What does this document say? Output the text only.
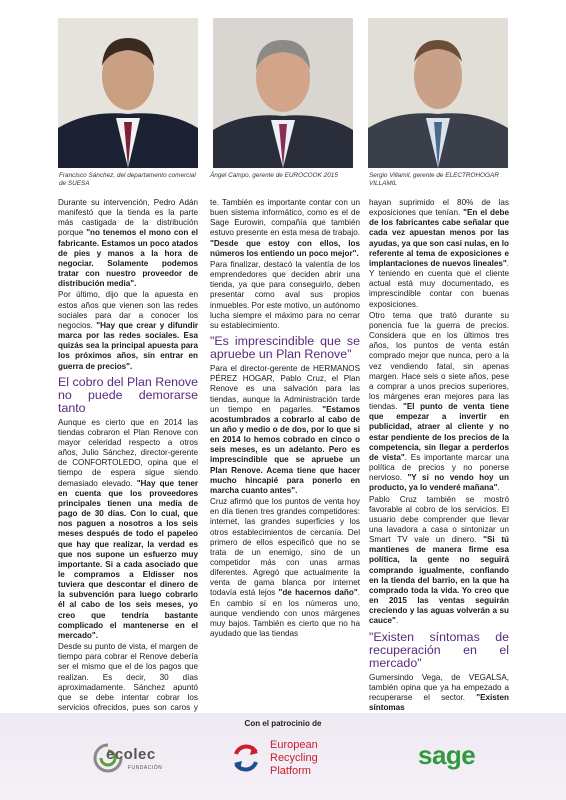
Francisco Sánchez, del departamento comercial de SUESA
Ángel Campo, gerente de EUROCOOK 2015	Sergio Villamil, gerente de ELECTROHOGAR VILLAMIL

Durante su intervención, Pedro Adán manifestó que la tienda es la parte más castigada de la distribución porque "no tenemos el mono con el fabricante. Estamos un poco atados de pies y manos a la hora de negociar. Solamente podemos tratar con nuestro proveedor de distribución media".

Por último, dijo que la apuesta en estos años que vienen son las redes sociales para dar a conocer los negocios. "Hay que crear y difundir marca por las redes sociales. Esa quizás sea la principal apuesta para los próximos años, sin entrar en guerra de precios".

El cobro del Plan Renove no puede demorarse tanto

Aunque es cierto que en 2014 las tiendas cobraron el Plan Renove con mayor celeridad respecto a otros años, Julio Sánchez, director-gerente de CONFORTOLEDO, opina que el tiempo de espera sigue siendo demasiado elevado. "Hay que tener en cuenta que los proveedores principales tienen una media de pago de 30 días. Con lo cual, que nos paguen a nosotros a los seis meses después de todo el papeleo que hay que realizar, la verdad es que nos supone un esfuerzo muy importante. Si a cada asociado que le compramos a Eldisser nos tuviera que descontar el dinero de la subvención para luego cobrarlo él al cabo de los seis meses, yo creo que tendría bastante complicado el mantenerse en el mercado".

Desde su punto de vista, el margen de tiempo para cobrar el Renove debería ser el mismo que el de los pagos que realizan. Es decir, 30 días aproximadamente. Sánchez apuntó que se debe intentar cobrar los servicios ofrecidos, pues son caros y

te. También es importante contar con un buen sistema informático, como es el de Sage Eurowin, compañía que también estuvo presente en esta mesa de trabajo. "Desde que estoy con ellos, los números los entiendo un poco mejor".

Para finalizar, destacó la valentía de los emprendedores que deciden abrir una tienda, ya que para conseguirlo, deben presentar como aval sus propios inmuebles. Por este motivo, un autónomo lucha siempre el máximo para no cerrar su establecimiento.

"Es imprescindible que se apruebe un Plan Renove"

Para el director-gerente de HERMANOS PÉREZ HOGAR, Pablo Cruz, el Plan Renove es una salvación para las tiendas, aunque la Administración tarde un tiempo en pagarles. "Estamos acostumbrados a cobrarlo al cabo de un año y medio o de dos, por lo que si en 2014 lo hemos cobrado en cinco o seis meses, es un adelanto. Pero es imprescindible que se apruebe un Plan Renove. Acema tiene que hacer mucho hincapié para ponerlo en marcha cuanto antes".

Cruz afirmó que los puntos de venta hoy en día tienen tres grandes competidores: internet, las grandes superficies y los otros establecimientos de cercanía. Del primero de ellos especificó que no se trata de un enemigo, sino de un competidor más con unas armas diferentes. Agregó que actualmente la venta de gama blanca por internet todavía está lejos "de hacernos daño". En cambio sí en los números uno, aunque vendiendo con unos márgenes muy bajos. También es cierto que no ha ayudado que las tiendas

hayan suprimido el 80% de las exposiciones que tenían. "En el debe de los fabricantes cabe señalar que cada vez apuestan menos por las ayudas, ya que son casi nulas, en lo referente al tema de exposiciones e implantaciones de nuevos lineales". Y teniendo en cuenta que el cliente actual está muy documentado, es imprescindible contar con buenas exposiciones.

Otro tema que trató durante su ponencia fue la guerra de precios. Considera que en los últimos tres años, los puntos de venta están comprado mejor que nunca, pero a la vez vendiendo fatal, sin apenas margen. Hace seis o siete años, pese a comprar a unos precios superiores, los márgenes eran mejores para las tiendas. "El punto de venta tiene que empezar a invertir en publicidad, atraer al cliente y no estar pendiente de los precios de la competencia, sin llegar a perderlos de vista". Es importante marcar una política de precios y no ponerse nervioso. "Y si no vendo hoy un producto, ya lo venderé mañana".

Pablo Cruz también se mostró favorable al cobro de los servicios. El usuario debe comprender que llevar una lavadora a casa o sintonizar un Smart TV vale un dinero. "Si tú mantienes de manera firme esa política, la gente no seguirá comprando igualmente, confiando en la tienda del barrio, en la que ha comprado toda la vida. Yo creo que en 2015 las ventas seguirán creciendo y las aguas volverán a su cauce".

"Existen síntomas de recuperación en el mercado"

Gumersindo Vega, de VEGALSA, también opina que ya ha empezado a recuperarse el sector. "Existen síntomas

Con el patrocinio de
ecolec
FUNDACIÓN
European
Recycling
Platform
sage
